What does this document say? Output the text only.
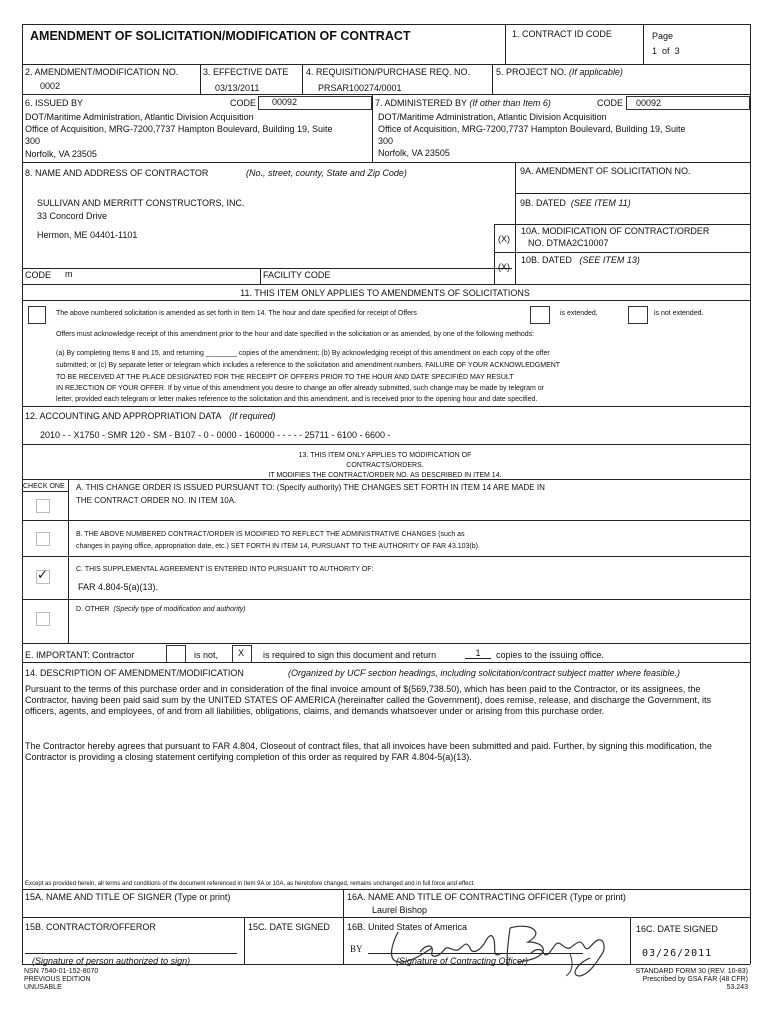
AMENDMENT OF SOLICITATION/MODIFICATION OF CONTRACT	1. CONTRACT ID CODE	Page
1 of 3
2. AMENDMENT/MODIFICATION NO.
0002
3. EFFECTIVE DATE
03/13/2011
4. REQUISITION/PURCHASE REQ. NO.
PRSAR100274/0001
5. PROJECT NO. (If applicable)
6. ISSUED BY	CODE 00092
DOT/Maritime Administration, Atlantic Division Acquisition
Office of Acquisition, MRG-7200,7737 Hampton Boulevard, Building 19, Suite
300
Norfolk, VA 23505
7. ADMINISTERED BY (If other than Item 6)	CODE 00092
DOT/Maritime Administration, Atlantic Division Acquisition
Office of Acquisition, MRG-7200,7737 Hampton Boulevard, Building 19, Suite
300
Norfolk, VA 23505
8. NAME AND ADDRESS OF CONTRACTOR	(No., street, county, State and Zip Code)
SULLIVAN AND MERRITT CONSTRUCTORS, INC.
33 Concord Drive
Hermon, ME 04401-1101
CODE m	FACILITY CODE
9A. AMENDMENT OF SOLICITATION NO.
9B. DATED (SEE ITEM 11)
(X)
10A. MODIFICATION OF CONTRACT/ORDER
NO. DTMA2C10007
(X)
10B. DATED (SEE ITEM 13)
11. THIS ITEM ONLY APPLIES TO AMENDMENTS OF SOLICITATIONS
The above numbered solicitation is amended as set forth in Item 14. The hour and date specified for receipt of Offers	is extended,	is not extended.
Offers must acknowledge receipt of this amendment prior to the hour and date specified in the solicitation or as amended, by one of the following methods:
(a) By completing Items 8 and 15, and returning ________ copies of the amendment; (b) By acknowledging receipt of this amendment on each copy of the offer
submitted; or (c) By separate letter or telegram which includes a reference to the solicitation and amendment numbers. FAILURE OF YOUR ACKNOWLEDGMENT
TO BE RECEIVED AT THE PLACE DESIGNATED FOR THE RECEIPT OF OFFERS PRIOR TO THE HOUR AND DATE SPECIFIED MAY RESULT
IN REJECTION OF YOUR OFFER. If by virtue of this amendment you desire to change an offer already submitted, such change may be made by telegram or
letter, provided each telegram or letter makes reference to the solicitation and this amendment, and is received prior to the opening hour and date specified.
12. ACCOUNTING AND APPROPRIATION DATA (If required)
2010 - - X1750 - SMR 120 - SM - B107 - 0 - 0000 - 160000 - - - - - 25711 - 6100 - 6600 -
13. THIS ITEM ONLY APPLIES TO MODIFICATION OF
CONTRACTS/ORDERS.
IT MODIFIES THE CONTRACT/ORDER NO. AS DESCRIBED IN ITEM 14.
CHECK ONE A. THIS CHANGE ORDER IS ISSUED PURSUANT TO: (Specify authority) THE CHANGES SET FORTH IN ITEM 14 ARE MADE IN
THE CONTRACT ORDER NO. IN ITEM 10A.
B. THE ABOVE NUMBERED CONTRACT/ORDER IS MODIFIED TO REFLECT THE ADMINISTRATIVE CHANGES (such as
changes in paying office, appropriation date, etc.) SET FORTH IN ITEM 14, PURSUANT TO THE AUTHORITY OF FAR 43.103(b).
C. THIS SUPPLEMENTAL AGREEMENT IS ENTERED INTO PURSUANT TO AUTHORITY OF:
FAR 4.804-5(a)(13).
✓
D. OTHER (Specify type of modification and authority)
E. IMPORTANT: Contractor	is not, X is required to sign this document and return	1	copies to the issuing office.
14. DESCRIPTION OF AMENDMENT/MODIFICATION	(Organized by UCF section headings, including solicitation/contract subject matter where feasible.)
Pursuant to the terms of this purchase order and in consideration of the final invoice amount of $(569,738.50), which has been paid to the Contractor, or its assignees, the Contractor, having been paid said sum by the UNITED STATES OF AMERICA (hereinafter called the Government), does remise, release, and discharge the Government, its officers, agents, and employees, of and from all liabilities, obligations, claims, and demands whatsoever under or arising from this purchase order.
The Contractor hereby agrees that pursuant to FAR 4.804, Closeout of contract files, that all invoices have been submitted and paid. Further, by signing this modification, the Contractor is providing a closing statement certifying completion of this order as required by FAR 4.804-5(a)(13).
Except as provided herein, all terms and conditions of the document referenced in Item 9A or 10A, as heretofore changed, remains unchanged and in full force and effect.
15A. NAME AND TITLE OF SIGNER (Type or print)	16A. NAME AND TITLE OF CONTRACTING OFFICER (Type or print)
Laurel Bishop
15B. CONTRACTOR/OFFEROR	15C. DATE SIGNED 16B. United States of America	16C. DATE SIGNED
03/26/2011
(Signature of person authorized to sign)
BY
(Signature of Contracting Officer)
NSN 7540-01-152-8070
PREVIOUS EDITION
UNUSABLE
STANDARD FORM 30 (REV. 10-83)
Prescribed by GSA FAR (48 CFR)
53.243
